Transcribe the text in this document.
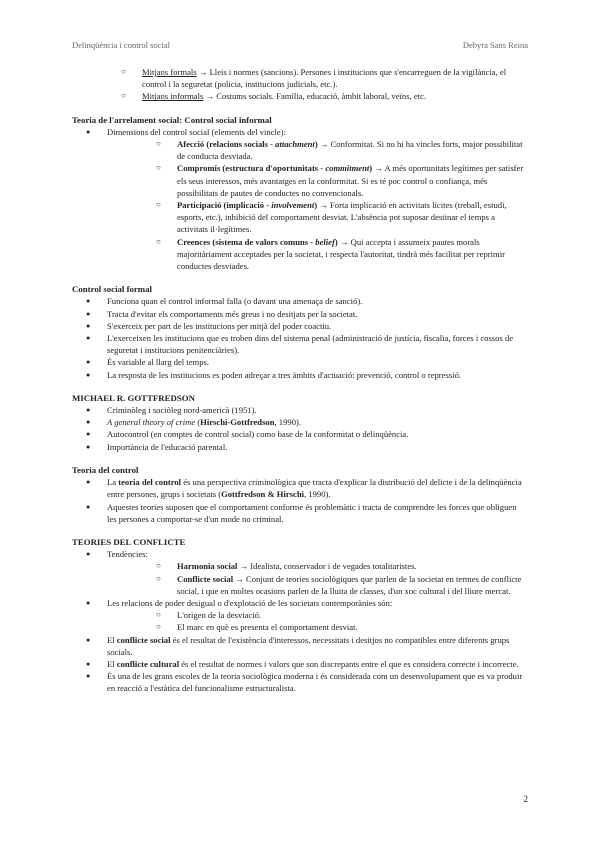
Delinqüència i control social	Debyra Sans Reina
○ Mitjans formals → Lleis i normes (sancions). Persones i institucions que s'encarreguen de la vigilància, el control i la seguretat (policia, institucions judicials, etc.).
○ Mitjans informals → Costums socials. Família, educació, àmbit laboral, veïns, etc.
Teoria de l'arrelament social: Control social informal
● Dimensions del control social (elements del vincle):
○ Afecció (relacions socials - attachment) → Conformitat. Si no hi ha vincles forts, major possibilitat de conducta desviada.
○ Compromís (estructura d'oportunitats - commitment) → A més oportunitats legítimes per satisfer els seus interessos, més avantatges en la conformitat. Si es té poc control o confiança, més possibilitats de pautes de conductes no convencionals.
○ Participació (implicació - involvement) → Forta implicació en activitats lícites (treball, estudi, esports, etc.), inhibició del comportament desviat. L'absència pot suposar destinar el temps a activitats il·legítimes.
○ Creences (sistema de valors comuns - belief) → Qui accepta i assumeix pautes morals majoritàriament acceptades per la societat, i respecta l'autoritat, tindrà més facilitat per reprimir conductes desviades.
Control social formal
● Funciona quan el control informal falla (o davant una amenaça de sanció).
● Tracta d'evitar els comportaments més greus i no desitjats per la societat.
● S'exerceix per part de les institucions per mitjà del poder coactiu.
● L'exerceixen les institucions que es troben dins del sistema penal (administració de justícia, fiscalia, forces i cossos de seguretat i institucions penitenciàries).
● És variable al llarg del temps.
● La resposta de les institucions es poden adreçar a tres àmbits d'actuació: prevenció, control o repressió.
MICHAEL R. GOTTFREDSON
● Criminòleg i sociòleg nord-americà (1951).
● A general theory of crime (Hirschi-Gottfredson, 1990).
● Autocontrol (en comptes de control social) como base de la conformitat o delinqüència.
● Importància de l'educació parental.
Teoria del control
● La teoria del control és una perspectiva criminològica que tracta d'explicar la distribució del delicte i de la delinqüència entre persones, grups i societats (Gottfredson & Hirschi, 1990).
● Aquestes teories suposen que el comportament conforme és problemàtic i tracta de comprendre les forces que obliguen les persones a comportar-se d'un mode no criminal.
TEORIES DEL CONFLICTE
● Tendències:
○ Harmonia social → Idealista, conservador i de vegades totalitaristes.
○ Conflicte social → Conjunt de teories sociològiques que parlen de la societat en termes de conflicte social, i que en moltes ocasions parlen de la lluita de classes, d'un xoc cultural i del lliure mercat.
● Les relacions de poder desigual o d'explotació de les societats contemporànies són:
○ L'origen de la desviació.
○ El marc en què es presenta el comportament desviat.
● El conflicte social és el resultat de l'existència d'interessos, necessitats i desitjos no compatibles entre diferents grups socials.
● El conflicte cultural és el resultat de normes i valors que son discrepants entre el que es considera correcte i incorrecte.
● És una de les grans escoles de la teoria sociològica moderna i és considerada com un desenvolupament que es va produir en reacció a l'estàtica del funcionalisme estructuralista.
2
